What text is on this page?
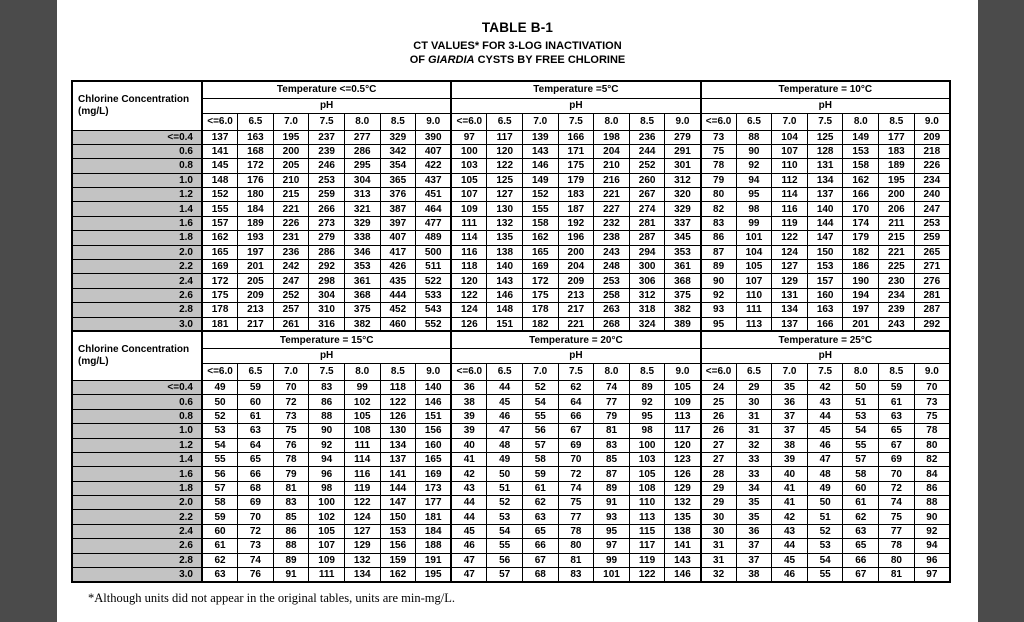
TABLE B-1
CT VALUES* FOR 3-LOG INACTIVATION
OF GIARDIA CYSTS BY FREE CHLORINE
Chlorine Concentration
(mg/L)	Temperature <=0.5°C							Temperature =5°C							Temperature = 10°C						
	pH							pH							pH						
	<=6.0	6.5	7.0	7.5	8.0	8.5	9.0	<=6.0	6.5	7.0	7.5	8.0	8.5	9.0	<=6.0	6.5	7.0	7.5	8.0	8.5	9.0
<=0.4	137	163	195	237	277	329	390	97	117	139	166	198	236	279	73	88	104	125	149	177	209
0.6	141	168	200	239	286	342	407	100	120	143	171	204	244	291	75	90	107	128	153	183	218
0.8	145	172	205	246	295	354	422	103	122	146	175	210	252	301	78	92	110	131	158	189	226
1.0	148	176	210	253	304	365	437	105	125	149	179	216	260	312	79	94	112	134	162	195	234
1.2	152	180	215	259	313	376	451	107	127	152	183	221	267	320	80	95	114	137	166	200	240
1.4	155	184	221	266	321	387	464	109	130	155	187	227	274	329	82	98	116	140	170	206	247
1.6	157	189	226	273	329	397	477	111	132	158	192	232	281	337	83	99	119	144	174	211	253
1.8	162	193	231	279	338	407	489	114	135	162	196	238	287	345	86	101	122	147	179	215	259
2.0	165	197	236	286	346	417	500	116	138	165	200	243	294	353	87	104	124	150	182	221	265
2.2	169	201	242	292	353	426	511	118	140	169	204	248	300	361	89	105	127	153	186	225	271
2.4	172	205	247	298	361	435	522	120	143	172	209	253	306	368	90	107	129	157	190	230	276
2.6	175	209	252	304	368	444	533	122	146	175	213	258	312	375	92	110	131	160	194	234	281
2.8	178	213	257	310	375	452	543	124	148	178	217	263	318	382	93	111	134	163	197	239	287
3.0	181	217	261	316	382	460	552	126	151	182	221	268	324	389	95	113	137	166	201	243	292
Chlorine Concentration
(mg/L)	Temperature = 15°C							Temperature = 20°C							Temperature = 25°C						
	pH							pH							pH						
	<=6.0	6.5	7.0	7.5	8.0	8.5	9.0	<=6.0	6.5	7.0	7.5	8.0	8.5	9.0	<=6.0	6.5	7.0	7.5	8.0	8.5	9.0
<=0.4	49	59	70	83	99	118	140	36	44	52	62	74	89	105	24	29	35	42	50	59	70
0.6	50	60	72	86	102	122	146	38	45	54	64	77	92	109	25	30	36	43	51	61	73
0.8	52	61	73	88	105	126	151	39	46	55	66	79	95	113	26	31	37	44	53	63	75
1.0	53	63	75	90	108	130	156	39	47	56	67	81	98	117	26	31	37	45	54	65	78
1.2	54	64	76	92	111	134	160	40	48	57	69	83	100	120	27	32	38	46	55	67	80
1.4	55	65	78	94	114	137	165	41	49	58	70	85	103	123	27	33	39	47	57	69	82
1.6	56	66	79	96	116	141	169	42	50	59	72	87	105	126	28	33	40	48	58	70	84
1.8	57	68	81	98	119	144	173	43	51	61	74	89	108	129	29	34	41	49	60	72	86
2.0	58	69	83	100	122	147	177	44	52	62	75	91	110	132	29	35	41	50	61	74	88
2.2	59	70	85	102	124	150	181	44	53	63	77	93	113	135	30	35	42	51	62	75	90
2.4	60	72	86	105	127	153	184	45	54	65	78	95	115	138	30	36	43	52	63	77	92
2.6	61	73	88	107	129	156	188	46	55	66	80	97	117	141	31	37	44	53	65	78	94
2.8	62	74	89	109	132	159	191	47	56	67	81	99	119	143	31	37	45	54	66	80	96
3.0	63	76	91	111	134	162	195	47	57	68	83	101	122	146	32	38	46	55	67	81	97
*Although units did not appear in the original tables, units are min-mg/L.
